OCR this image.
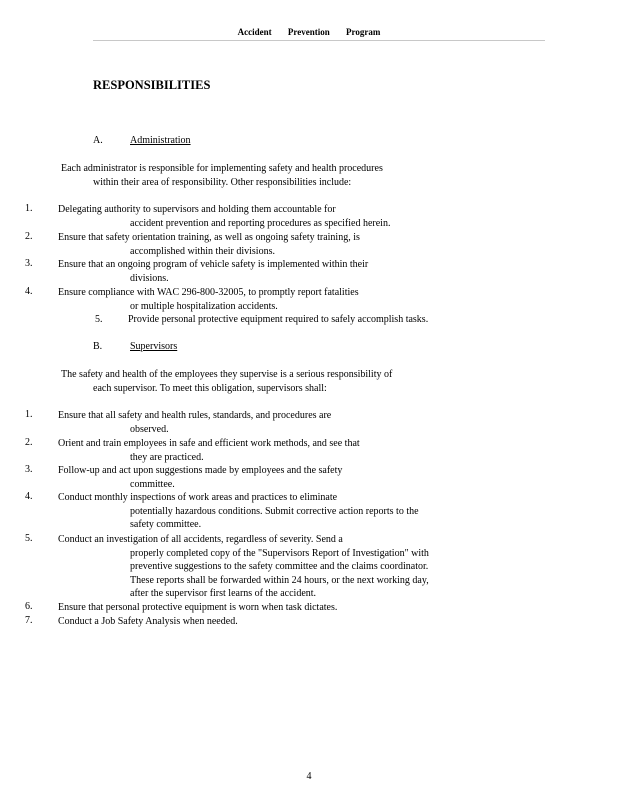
Accident Prevention Program
RESPONSIBILITIES
A.	Administration
Each administrator is responsible for implementing safety and health procedures
within their area of responsibility. Other responsibilities include:
1.	Delegating authority to supervisors and holding them accountable for
accident prevention and reporting procedures as specified herein.
2.	Ensure that safety orientation training, as well as ongoing safety training, is
accomplished within their divisions.
3.	Ensure that an ongoing program of vehicle safety is implemented within their
divisions.
4.	Ensure compliance with WAC 296-800-32005, to promptly report fatalities
or multiple hospitalization accidents.
5.	Provide personal protective equipment required to safely accomplish tasks.
B.	Supervisors
The safety and health of the employees they supervise is a serious responsibility of
each supervisor. To meet this obligation, supervisors shall:
1.	Ensure that all safety and health rules, standards, and procedures are
observed.
2.	Orient and train employees in safe and efficient work methods, and see that
they are practiced.
3.	Follow-up and act upon suggestions made by employees and the safety
committee.
4.	Conduct monthly inspections of work areas and practices to eliminate
potentially hazardous conditions. Submit corrective action reports to the
safety committee.
5.	Conduct an investigation of all accidents, regardless of severity. Send a
properly completed copy of the "Supervisors Report of Investigation" with
preventive suggestions to the safety committee and the claims coordinator.
These reports shall be forwarded within 24 hours, or the next working day,
after the supervisor first learns of the accident.
6.	Ensure that personal protective equipment is worn when task dictates.
7.	Conduct a Job Safety Analysis when needed.
4
